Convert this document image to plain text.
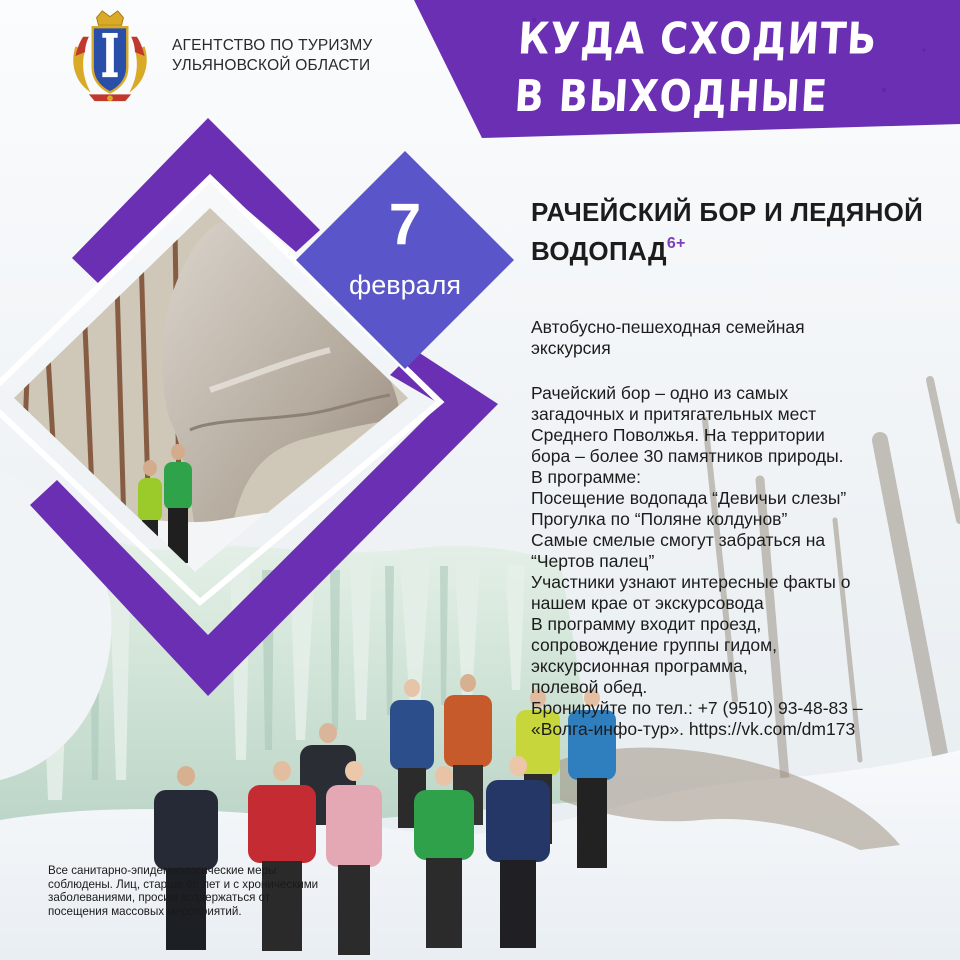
АГЕНТСТВО ПО ТУРИЗМУ
УЛЬЯНОВСКОЙ ОБЛАСТИ
КУДА СХОДИТЬ
В ВЫХОДНЫЕ
7
февраля
РАЧЕЙСКИЙ БОР И ЛЕДЯНОЙ
$ВОДОПАД^{6+}$
Автобусно-пешеходная семейная
экскурсия
Рачейский бор – одно из самых
загадочных и притягательных мест
Среднего Поволжья. На территории
бора – более 30 памятников природы.
В программе:
Посещение водопада “Девичьи слезы”
Прогулка по “Поляне колдунов”
Самые смелые смогут забраться на
“Чертов палец”
Участники узнают интересные факты о
нашем крае от экскурсовода
В программу входит проезд,
сопровождение группы гидом,
экскурсионная программа,
полевой обед.
Бронируйте по тел.: +7 (9510) 93-48-83 –
«Волга-инфо-тур». https://vk.com/dm173
Все санитарно-эпидемиологические меры
соблюдены. Лиц, старше 65 лет и с хроническими
заболеваниями, просим воздержаться от
посещения массовых мероприятий.
